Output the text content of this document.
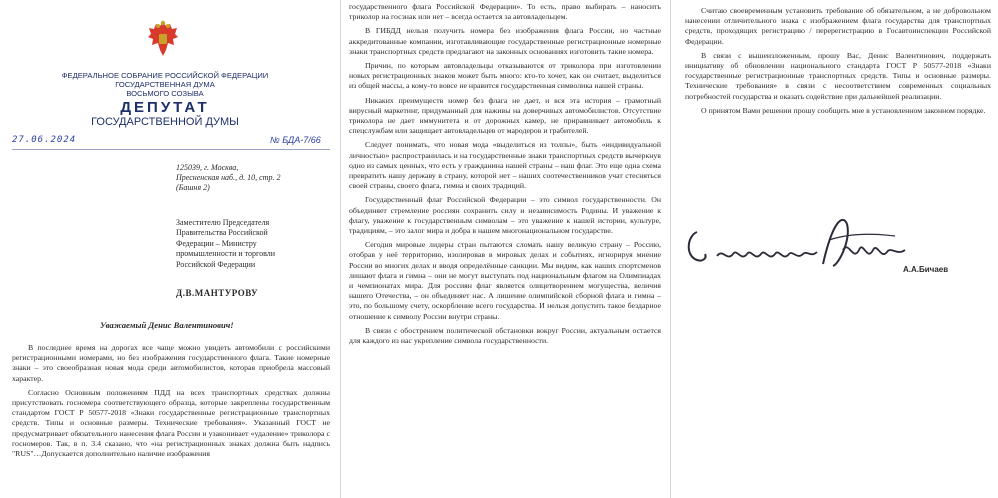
ФЕДЕРАЛЬНОЕ СОБРАНИЕ РОССИЙСКОЙ ФЕДЕРАЦИИ
ГОСУДАРСТВЕННАЯ ДУМА
ВОСЬМОГО СОЗЫВА
ДЕПУТАТ
ГОСУДАРСТВЕННОЙ ДУМЫ
27.06.2024	№ БДА-7/66
125039, г. Москва,
Пресненская наб., д. 10, стр. 2
(Башня 2)
Заместителю Председателя
Правительства Российской
Федерации – Министру
промышленности и торговли
Российской Федерации
Д.В.МАНТУРОВУ
Уважаемый Денис Валентинович!

В последнее время на дорогах все чаще можно увидеть автомобили с российскими регистрационными номерами, но без изображения государственного флага. Такие номерные знаки – это своеобразная новая мода среди автомобилистов, которая приобрела массовый характер.

Согласно Основным положениям ПДД на всех транспортных средствах должны присутствовать госномера соответствующего образца, которые закреплены государственным стандартом ГОСТ Р 50577-2018 «Знаки государственные регистрационные транспортных средств. Типы и основные размеры. Технические требования». Указанный ГОСТ не предусматривает обязательного нанесения флага России и узаконивает «удаление» триколора с госномеров. Так, в п. 3.4 сказано, что «на регистрационных знаках должна быть надпись "RUS"…Допускается дополнительно наличие изображения

государственного флага Российской Федерации». То есть, право выбирать – наносить триколор на госзнак или нет – всегда остается за автовладельцем.

В ГИБДД нельзя получить номера без изображения флага России, но частные аккредитованные компании, изготавливающие государственные регистрационные номерные знаки транспортных средств предлагают на законных основаниях изготовить такие номера.

Причин, по которым автовладельцы отказываются от триколора при изготовлении новых регистрационных знаков может быть много: кто-то хочет, как он считает, выделиться из общей массы, а кому-то вовсе не нравится государственная символика нашей страны.

Никаких преимуществ номер без флага не дает, и вся эта история – грамотный вирусный маркетинг, придуманный для наживы на доверчивых автомобилистов. Отсутствие триколора не дает иммунитета и от дорожных камер, не приравнивает автомобиль к спецслужбам или защищает автовладельцев от мародеров и грабителей.

Следует понимать, что новая мода «выделиться из толпы», быть «индивидуальной личностью» распространилась и на государственные знаки транспортных средств вычеркнув одно из самых ценных, что есть у гражданина нашей страны – наш флаг. Это еще одна схема превратить нашу державу в страну, которой нет – наших соотечественников учат стесняться своей страны, своего флага, гимна и своих традиций.

Государственный флаг Российской Федерации – это символ государственности. Он объединяет стремление россиян сохранить силу и независимость Родины. И уважение к флагу, уважение к государственным символам – это уважение к нашей истории, культуре, традициям, – это залог мира и добра в нашем многонациональном государстве.

Сегодня мировые лидеры стран пытаются сломать нашу великую страну – Россию, отобрав у неё территорию, изолировав в мировых делах и событиях, игнорируя мнение России во многих делах и вводя определённые санкции. Мы видим, как наших спортсменов лишают флага и гимна – они не могут выступать под национальным флагом на Олимпиадах и чемпионатах мира. Для россиян флаг является олицетворением могущества, величия нашего Отечества, – он объединяет нас. А лишение олимпийской сборной флага и гимна – это, по большому счету, оскорбление всего государства. И нельзя допустить такое бездарное отношение к символу России внутри страны.

В связи с обострением политической обстановки вокруг России, актуальным остается для каждого из нас укрепление символа государственности.

Считаю своевременным установить требование об обязательном, а не добровольном нанесении отличительного знака с изображением флага государства для транспортных средств, проходящих регистрацию / перерегистрацию в Госавтоинспекции Российской Федерации.

В связи с вышеизложенным, прошу Вас, Денис Валентинович, поддержать инициативу об обновлении национального стандарта ГОСТ Р 50577-2018 «Знаки государственные регистрационные транспортных средств. Типы и основные размеры. Технические требования» в связи с несоответствием современных социальных потребностей государства и оказать содействие при дальнейшей реализации.

О принятом Вами решении прошу сообщить мне в установленном законном порядке.

А.А.Бичаев
